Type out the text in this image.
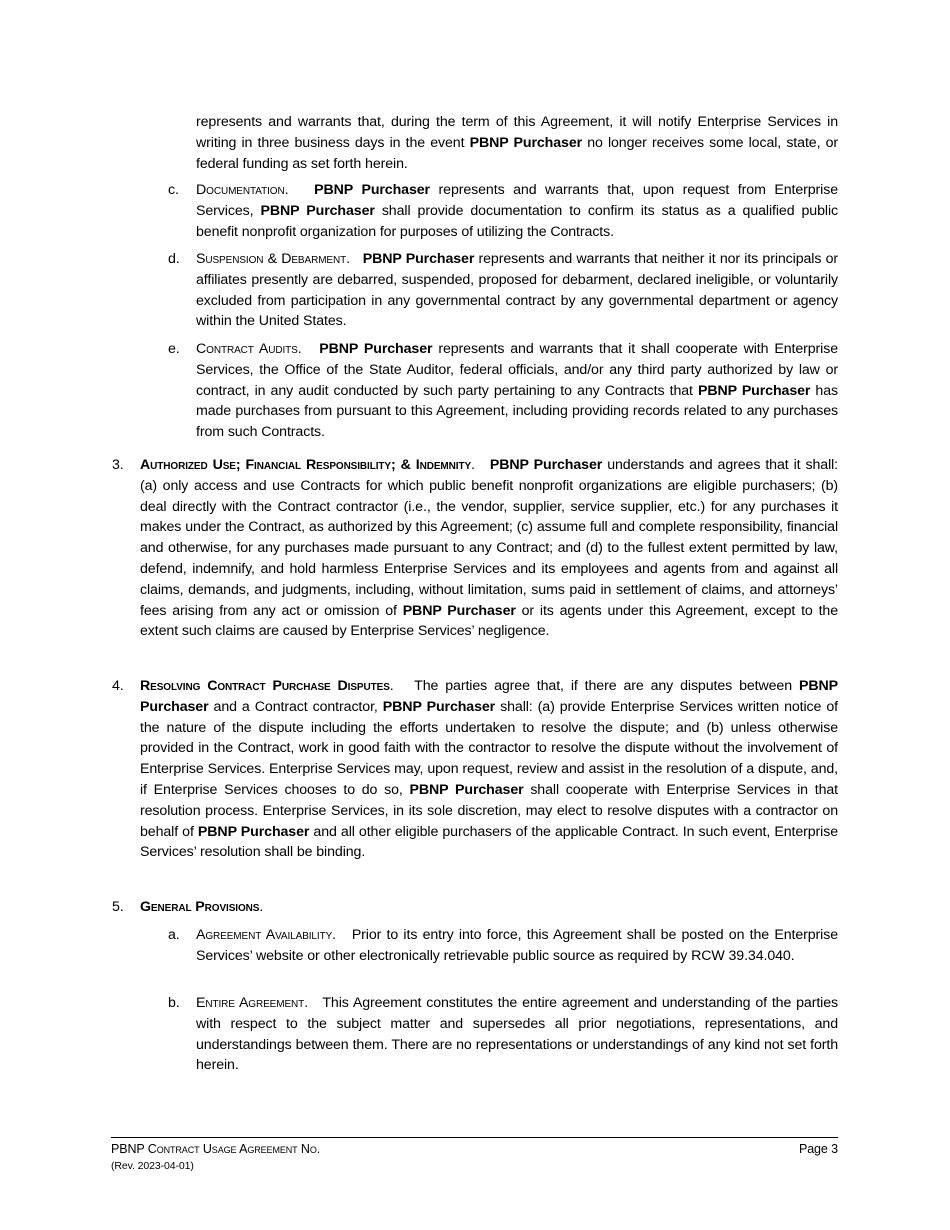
represents and warrants that, during the term of this Agreement, it will notify Enterprise Services in writing in three business days in the event PBNP Purchaser no longer receives some local, state, or federal funding as set forth herein.
c. Documentation.   PBNP Purchaser represents and warrants that, upon request from Enterprise Services, PBNP Purchaser shall provide documentation to confirm its status as a qualified public benefit nonprofit organization for purposes of utilizing the Contracts.
d. Suspension & Debarment.   PBNP Purchaser represents and warrants that neither it nor its principals or affiliates presently are debarred, suspended, proposed for debarment, declared ineligible, or voluntarily excluded from participation in any governmental contract by any governmental department or agency within the United States.
e. Contract Audits.   PBNP Purchaser represents and warrants that it shall cooperate with Enterprise Services, the Office of the State Auditor, federal officials, and/or any third party authorized by law or contract, in any audit conducted by such party pertaining to any Contracts that PBNP Purchaser has made purchases from pursuant to this Agreement, including providing records related to any purchases from such Contracts.
3. Authorized Use; Financial Responsibility; & Indemnity.   PBNP Purchaser understands and agrees that it shall: (a) only access and use Contracts for which public benefit nonprofit organizations are eligible purchasers; (b) deal directly with the Contract contractor (i.e., the vendor, supplier, service supplier, etc.) for any purchases it makes under the Contract, as authorized by this Agreement; (c) assume full and complete responsibility, financial and otherwise, for any purchases made pursuant to any Contract; and (d) to the fullest extent permitted by law, defend, indemnify, and hold harmless Enterprise Services and its employees and agents from and against all claims, demands, and judgments, including, without limitation, sums paid in settlement of claims, and attorneys’ fees arising from any act or omission of PBNP Purchaser or its agents under this Agreement, except to the extent such claims are caused by Enterprise Services’ negligence.
4. Resolving Contract Purchase Disputes.   The parties agree that, if there are any disputes between PBNP Purchaser and a Contract contractor, PBNP Purchaser shall: (a) provide Enterprise Services written notice of the nature of the dispute including the efforts undertaken to resolve the dispute; and (b) unless otherwise provided in the Contract, work in good faith with the contractor to resolve the dispute without the involvement of Enterprise Services. Enterprise Services may, upon request, review and assist in the resolution of a dispute, and, if Enterprise Services chooses to do so, PBNP Purchaser shall cooperate with Enterprise Services in that resolution process. Enterprise Services, in its sole discretion, may elect to resolve disputes with a contractor on behalf of PBNP Purchaser and all other eligible purchasers of the applicable Contract. In such event, Enterprise Services’ resolution shall be binding.
5. General Provisions.
a. Agreement Availability.   Prior to its entry into force, this Agreement shall be posted on the Enterprise Services’ website or other electronically retrievable public source as required by RCW 39.34.040.
b. Entire Agreement.   This Agreement constitutes the entire agreement and understanding of the parties with respect to the subject matter and supersedes all prior negotiations, representations, and understandings between them. There are no representations or understandings of any kind not set forth herein.
PBNP Contract Usage Agreement No.
(Rev. 2023-04-01)
Page 3
